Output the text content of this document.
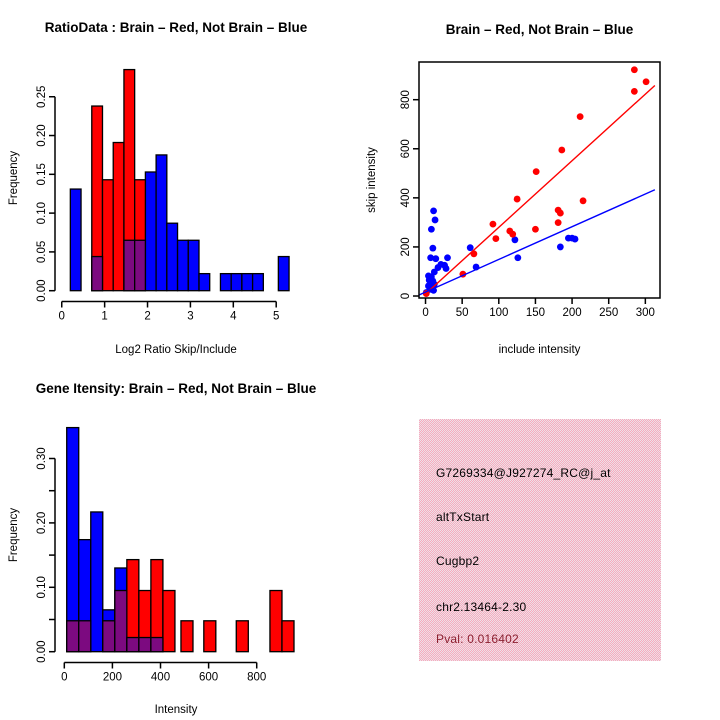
0.00
0.05
0.10
0.15
0.20
0.25
0	1	2	3	4	5
RatioData : Brain – Red, Not Brain – Blue
Log2 Ratio Skip/Include
Frequency
0 50 100 150 200 250 300
0
200
400
600
800
Brain – Red, Not Brain – Blue
include intensity
skip intensity
0.00
0.10
0.20
0.30
0	200	400	600	800
Gene Itensity: Brain – Red, Not Brain – Blue
Intensity
Frequency
G7269334@J927274_RC@j_at
altTxStart
Cugbp2
chr2.13464-2.30
Pval: 0.016402
